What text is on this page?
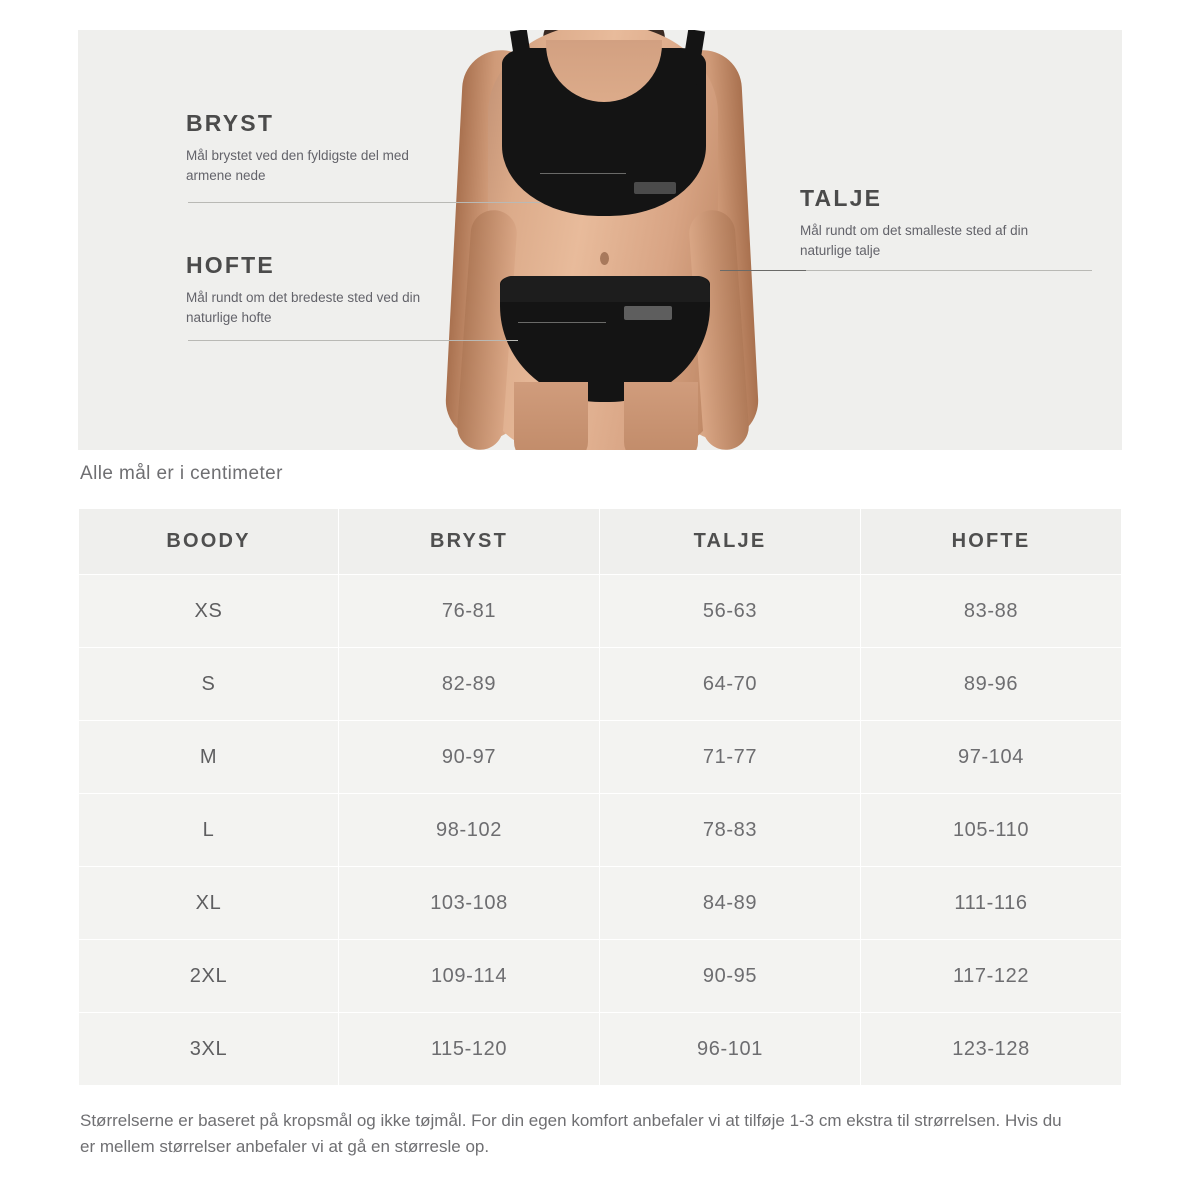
BRYST

Mål brystet ved den fyldigste del med armene nede

HOFTE

Mål rundt om det bredeste sted ved din naturlige hofte

TALJE

Mål rundt om det smalleste sted af din naturlige talje

Alle mål er i centimeter
BOODY	BRYST	TALJE	HOFTE
XS	76-81	56-63	83-88
S	82-89	64-70	89-96
M	90-97	71-77	97-104
L	98-102	78-83	105-110
XL	103-108	84-89	111-116
2XL	109-114	90-95	117-122
3XL	115-120	96-101	123-128
Størrelserne er baseret på kropsmål og ikke tøjmål. For din egen komfort anbefaler vi at tilføje 1-3 cm ekstra til strørrelsen. Hvis du er mellem størrelser anbefaler vi at gå en størresle op.
